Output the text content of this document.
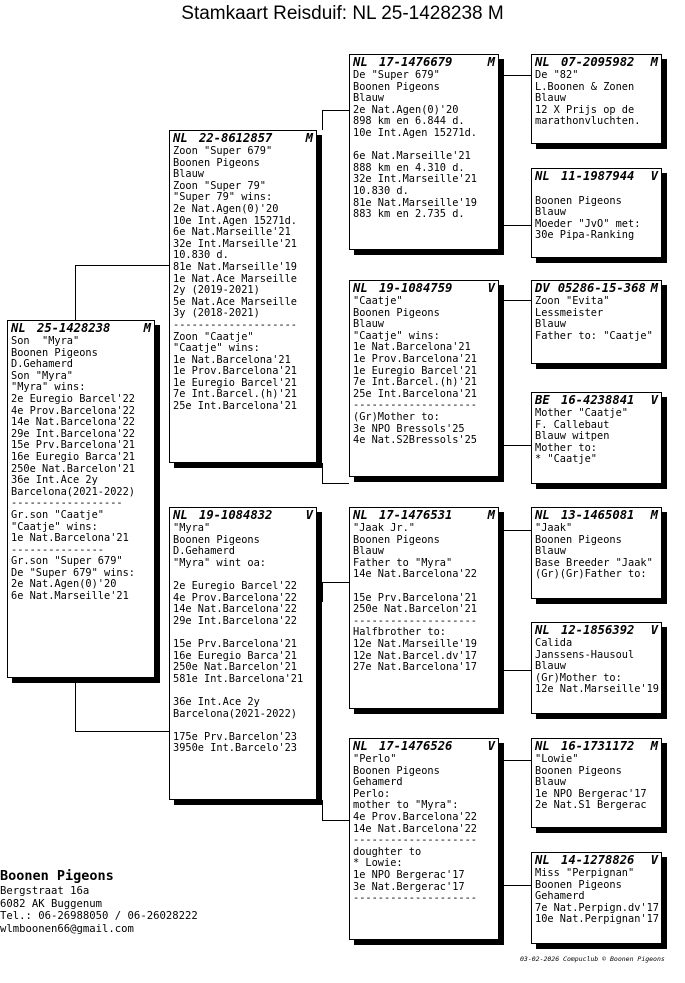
Stamkaart Reisduif: NL 25-1428238 M
NL 25-1428238	M
Son  "Myra"
Boonen Pigeons
D.Gehamerd
Son "Myra"
"Myra" wins:
2e Euregio Barcel'22
4e Prov.Barcelona'22
14e Nat.Barcelona'22
29e Int.Barcelona'22
15e Prv.Barcelona'21
16e Euregio Barca'21
250e Nat.Barcelon'21
36e Int.Ace 2y
Barcelona(2021-2022)
------------------
Gr.son "Caatje"
"Caatje" wins:
1e Nat.Barcelona'21
---------------
Gr.son "Super 679"
De "Super 679" wins:
2e Nat.Agen(0)'20
6e Nat.Marseille'21
NL 22-8612857	M
Zoon "Super 679"
Boonen Pigeons
Blauw
Zoon "Super 79"
"Super 79" wins:
2e Nat.Agen(0)'20
10e Int.Agen 15271d.
6e Nat.Marseille'21
32e Int.Marseille'21
10.830 d.
81e Nat.Marseille'19
1e Nat.Ace Marseille
2y (2019-2021)
5e Nat.Ace Marseille
3y (2018-2021)
--------------------
Zoon "Caatje"
"Caatje" wins:
1e Nat.Barcelona'21
1e Prov.Barcelona'21
1e Euregio Barcel'21
7e Int.Barcel.(h)'21
25e Int.Barcelona'21
NL 19-1084832	V
"Myra"
Boonen Pigeons
D.Gehamerd
"Myra" wint oa:
2e Euregio Barcel'22
4e Prov.Barcelona'22
14e Nat.Barcelona'22
29e Int.Barcelona'22
15e Prv.Barcelona'21
16e Euregio Barca'21
250e Nat.Barcelon'21
581e Int.Barcelona'21
36e Int.Ace 2y
Barcelona(2021-2022)
175e Prv.Barcelon'23
3950e Int.Barcelo'23
NL 17-1476679	M
De "Super 679"
Boonen Pigeons
Blauw
2e Nat.Agen(0)'20
898 km en 6.844 d.
10e Int.Agen 15271d.
6e Nat.Marseille'21
888 km en 4.310 d.
32e Int.Marseille'21
10.830 d.
81e Nat.Marseille'19
883 km en 2.735 d.
NL 19-1084759	V
"Caatje"
Boonen Pigeons
Blauw
"Caatje" wins:
1e Nat.Barcelona'21
1e Prov.Barcelona'21
1e Euregio Barcel'21
7e Int.Barcel.(h)'21
25e Int.Barcelona'21
--------------------
(Gr)Mother to:
3e NPO Bressols'25
4e Nat.S2Bressols'25
NL 17-1476531	M
"Jaak Jr."
Boonen Pigeons
Blauw
Father to "Myra"
14e Nat.Barcelona'22
15e Prv.Barcelona'21
250e Nat.Barcelon'21
--------------------
Halfbrother to:
12e Nat.Marseille'19
12e Nat.Barcel.dv'17
27e Nat.Barcelona'17
NL 17-1476526	V
"Perlo"
Boonen Pigeons
Gehamerd
Perlo:
mother to "Myra":
4e Prov.Barcelona'22
14e Nat.Barcelona'22
--------------------
doughter to
* Lowie:
1e NPO Bergerac'17
3e Nat.Bergerac'17
--------------------
NL 07-2095982	M
De "82"
L.Boonen & Zonen
Blauw
12 X Prijs op de
marathonvluchten.
NL 11-1987944	V
Boonen Pigeons
Blauw
Moeder "JvO" met:
30e Pipa-Ranking
DV 05286-15-368 M
Zoon "Evita"
Lessmeister
Blauw
Father to: "Caatje"
BE 16-4238841	V
Mother "Caatje"
F. Callebaut
Blauw witpen
Mother to:
* "Caatje"
NL 13-1465081	M
"Jaak"
Boonen Pigeons
Blauw
Base Breeder "Jaak"
(Gr)(Gr)Father to:
NL 12-1856392	V
Calida
Janssens-Hausoul
Blauw
(Gr)Mother to:
12e Nat.Marseille'19
NL 16-1731172	M
"Lowie"
Boonen Pigeons
Blauw
1e NPO Bergerac'17
2e Nat.S1 Bergerac
NL 14-1278826	V
Miss "Perpignan"
Boonen Pigeons
Gehamerd
7e Nat.Perpign.dv'17
10e Nat.Perpignan'17
Boonen Pigeons
Bergstraat 16a
6082 AK Buggenum
Tel.: 06-26988050 / 06-26028222
wlmboonen66@gmail.com
03-02-2026 Compuclub © Boonen Pigeons
